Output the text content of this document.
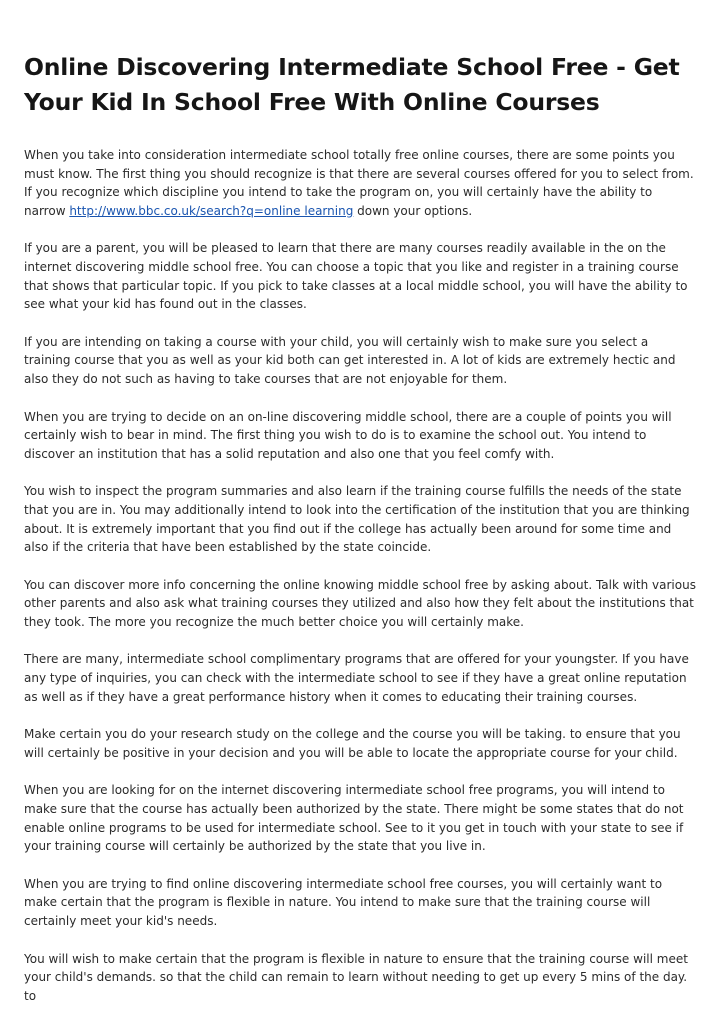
Online Discovering Intermediate School Free - Get Your Kid In School Free With Online Courses

When you take into consideration intermediate school totally free online courses, there are some points you must know. The first thing you should recognize is that there are several courses offered for you to select from. If you recognize which discipline you intend to take the program on, you will certainly have the ability to narrow http://www.bbc.co.uk/search?q=online learning down your options.

If you are a parent, you will be pleased to learn that there are many courses readily available in the on the internet discovering middle school free. You can choose a topic that you like and register in a training course that shows that particular topic. If you pick to take classes at a local middle school, you will have the ability to see what your kid has found out in the classes.

If you are intending on taking a course with your child, you will certainly wish to make sure you select a training course that you as well as your kid both can get interested in. A lot of kids are extremely hectic and also they do not such as having to take courses that are not enjoyable for them.

When you are trying to decide on an on-line discovering middle school, there are a couple of points you will certainly wish to bear in mind. The first thing you wish to do is to examine the school out. You intend to discover an institution that has a solid reputation and also one that you feel comfy with.

You wish to inspect the program summaries and also learn if the training course fulfills the needs of the state that you are in. You may additionally intend to look into the certification of the institution that you are thinking about. It is extremely important that you find out if the college has actually been around for some time and also if the criteria that have been established by the state coincide.

You can discover more info concerning the online knowing middle school free by asking about. Talk with various other parents and also ask what training courses they utilized and also how they felt about the institutions that they took. The more you recognize the much better choice you will certainly make.

There are many, intermediate school complimentary programs that are offered for your youngster. If you have any type of inquiries, you can check with the intermediate school to see if they have a great online reputation as well as if they have a great performance history when it comes to educating their training courses.

Make certain you do your research study on the college and the course you will be taking. to ensure that you will certainly be positive in your decision and you will be able to locate the appropriate course for your child.

When you are looking for on the internet discovering intermediate school free programs, you will intend to make sure that the course has actually been authorized by the state. There might be some states that do not enable online programs to be used for intermediate school. See to it you get in touch with your state to see if your training course will certainly be authorized by the state that you live in.

When you are trying to find online discovering intermediate school free courses, you will certainly want to make certain that the program is flexible in nature. You intend to make sure that the training course will certainly meet your kid's needs.

You will wish to make certain that the program is flexible in nature to ensure that the training course will meet your child's demands. so that the child can remain to learn without needing to get up every 5 mins of the day. to
